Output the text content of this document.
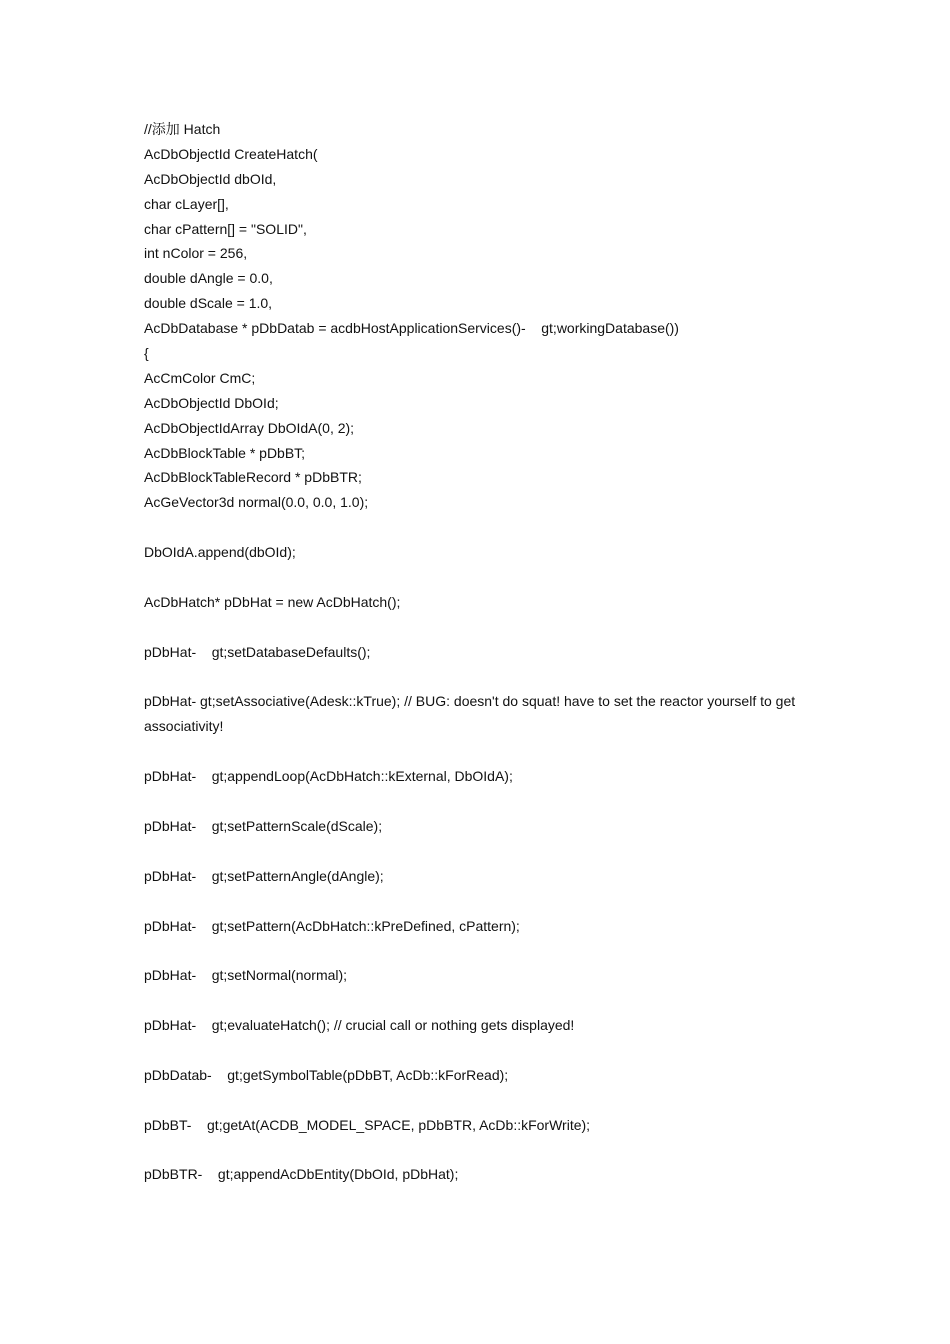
//添加 Hatch
AcDbObjectId CreateHatch(
AcDbObjectId dbOId,
char cLayer[],
char cPattern[] = "SOLID",
int nColor = 256,
double dAngle = 0.0,
double dScale = 1.0,
AcDbDatabase * pDbDatab = acdbHostApplicationServices()-    gt;workingDatabase())
{
AcCmColor CmC;
AcDbObjectId DbOId;
AcDbObjectIdArray DbOIdA(0, 2);
AcDbBlockTable * pDbBT;
AcDbBlockTableRecord * pDbBTR;
AcGeVector3d normal(0.0, 0.0, 1.0);
DbOIdA.append(dbOId);
AcDbHatch* pDbHat = new AcDbHatch();
pDbHat-    gt;setDatabaseDefaults();
pDbHat- gt;setAssociative(Adesk::kTrue); // BUG: doesn't do squat! have to set the reactor yourself to get associativity!
pDbHat-    gt;appendLoop(AcDbHatch::kExternal, DbOIdA);
pDbHat-    gt;setPatternScale(dScale);
pDbHat-    gt;setPatternAngle(dAngle);
pDbHat-    gt;setPattern(AcDbHatch::kPreDefined, cPattern);
pDbHat-    gt;setNormal(normal);
pDbHat-    gt;evaluateHatch(); // crucial call or nothing gets displayed!
pDbDatab-    gt;getSymbolTable(pDbBT, AcDb::kForRead);
pDbBT-    gt;getAt(ACDB_MODEL_SPACE, pDbBTR, AcDb::kForWrite);
pDbBTR-    gt;appendAcDbEntity(DbOId, pDbHat);
